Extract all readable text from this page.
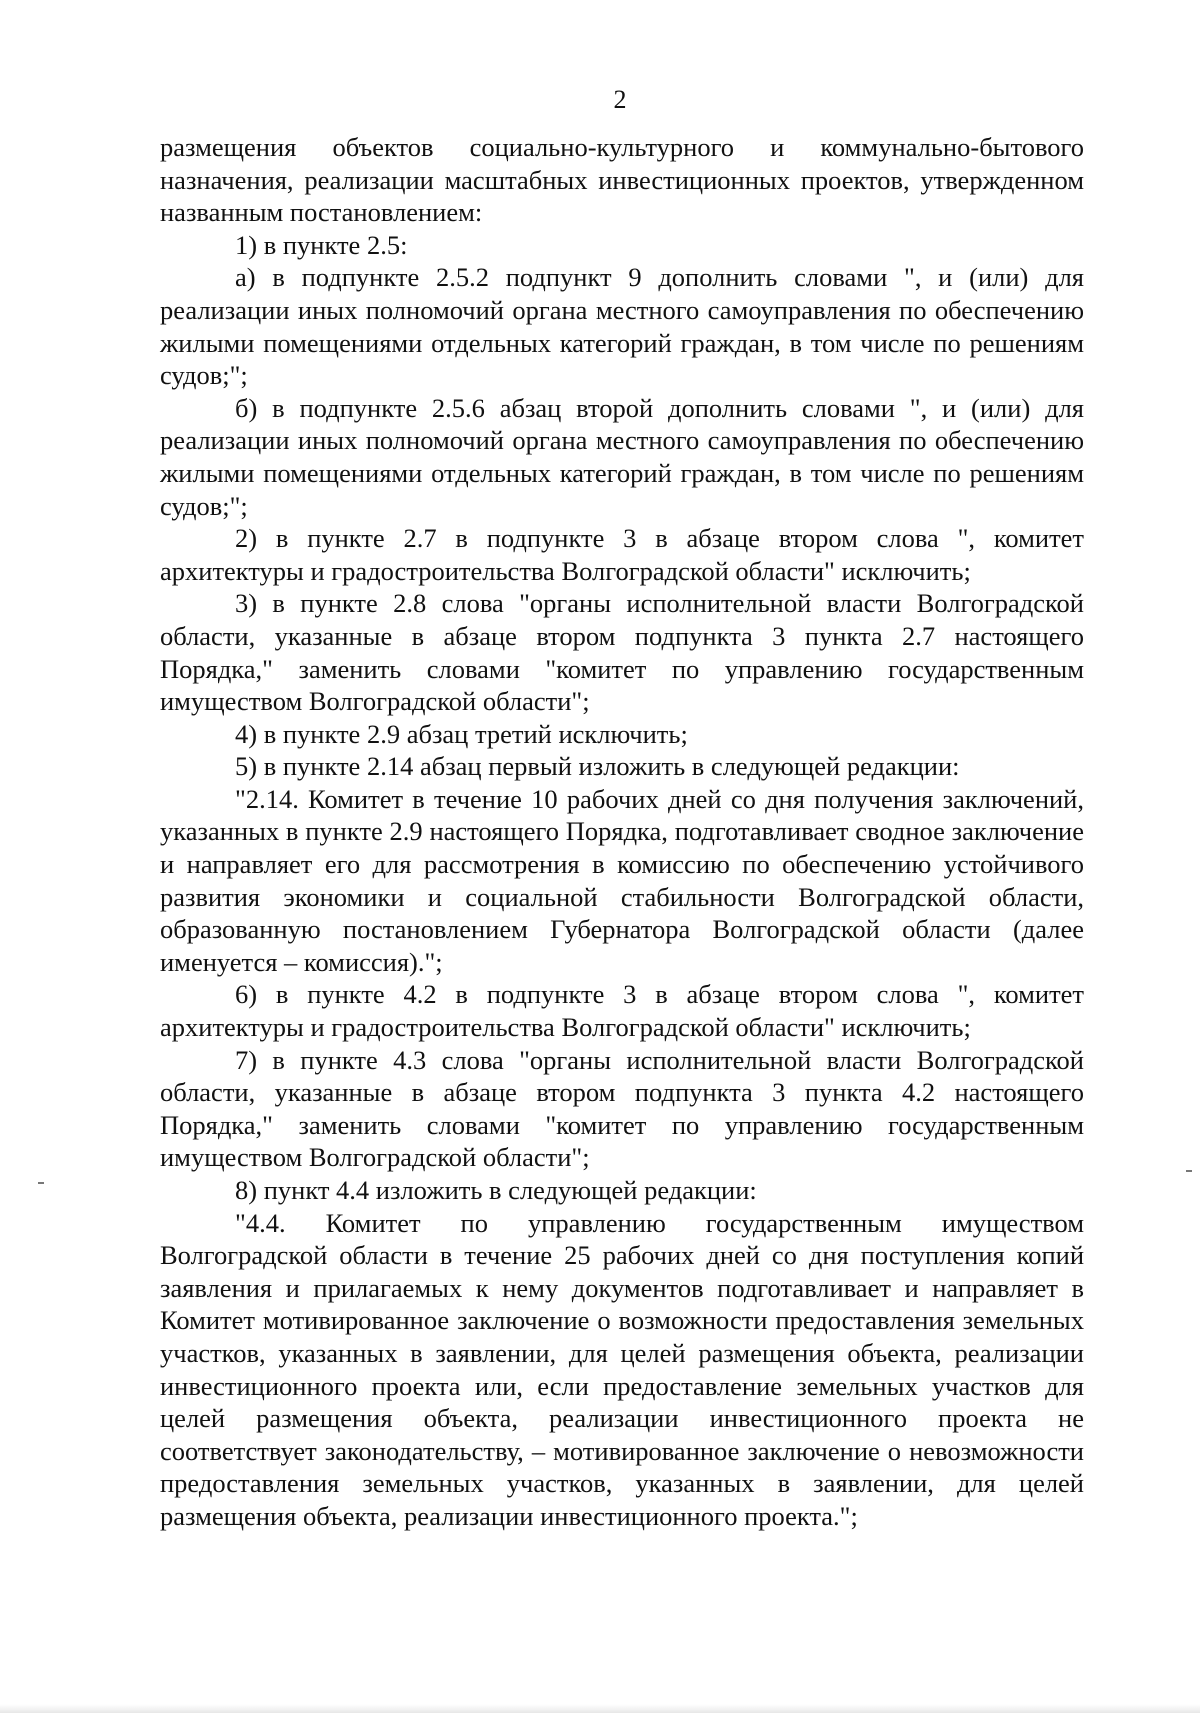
2

размещения объектов социально-культурного и коммунально-бытового назначения, реализации масштабных инвестиционных проектов, утвержденном названным постановлением:

1) в пункте 2.5:

а) в подпункте 2.5.2 подпункт 9 дополнить словами ", и (или) для реализации иных полномочий органа местного самоуправления по обеспечению жилыми помещениями отдельных категорий граждан, в том числе по решениям судов;";

б) в подпункте 2.5.6 абзац второй дополнить словами ", и (или) для реализации иных полномочий органа местного самоуправления по обеспечению жилыми помещениями отдельных категорий граждан, в том числе по решениям судов;";

2) в пункте 2.7 в подпункте 3 в абзаце втором слова ", комитет архитектуры и градостроительства Волгоградской области" исключить;

3) в пункте 2.8 слова "органы исполнительной власти Волгоградской области, указанные в абзаце втором подпункта 3 пункта 2.7 настоящего Порядка," заменить словами "комитет по управлению государственным имуществом Волгоградской области";

4) в пункте 2.9 абзац третий исключить;

5) в пункте 2.14 абзац первый изложить в следующей редакции:

"2.14. Комитет в течение 10 рабочих дней со дня получения заключений, указанных в пункте 2.9 настоящего Порядка, подготавливает сводное заключение и направляет его для рассмотрения в комиссию по обеспечению устойчивого развития экономики и социальной стабильности Волгоградской области, образованную постановлением Губернатора Волгоградской области (далее именуется – комиссия).";

6) в пункте 4.2 в подпункте 3 в абзаце втором слова ", комитет архитектуры и градостроительства Волгоградской области" исключить;

7) в пункте 4.3 слова "органы исполнительной власти Волгоградской области, указанные в абзаце втором подпункта 3 пункта 4.2 настоящего Порядка," заменить словами "комитет по управлению государственным имуществом Волгоградской области";

8) пункт 4.4 изложить в следующей редакции:

"4.4. Комитет по управлению государственным имуществом Волгоградской области в течение 25 рабочих дней со дня поступления копий заявления и прилагаемых к нему документов подготавливает и направляет в Комитет мотивированное заключение о возможности предоставления земельных участков, указанных в заявлении, для целей размещения объекта, реализации инвестиционного проекта или, если предоставление земельных участков для целей размещения объекта, реализации инвестиционного проекта не соответствует законодательству, – мотивированное заключение о невозможности предоставления земельных участков, указанных в заявлении, для целей размещения объекта, реализации инвестиционного проекта.";
